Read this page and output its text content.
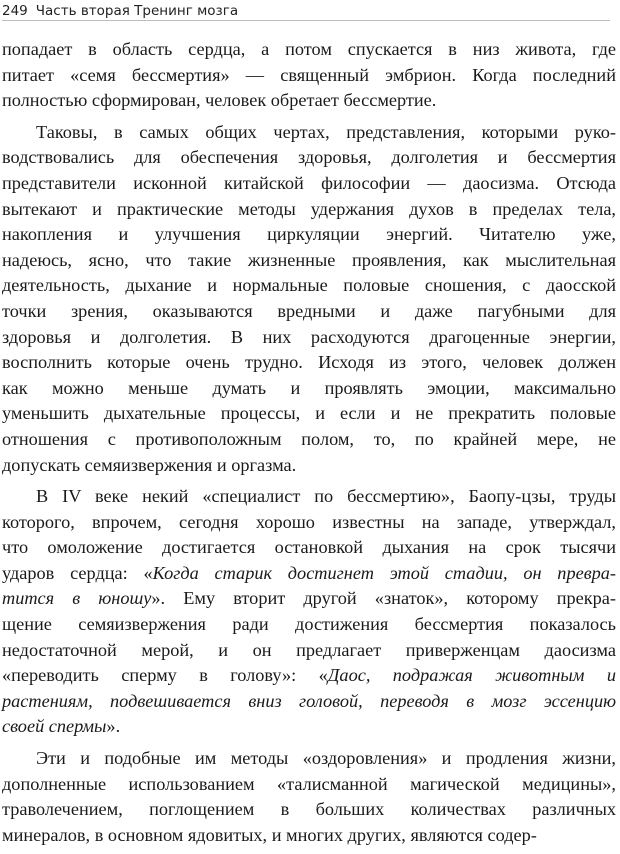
249 Часть вторая Тренинг мозга
попадает в область сердца, а потом спускается в низ живота, где
питает «семя бессмертия» — священный эмбрион. Когда последний
полностью сформирован, человек обретает бессмертие.
Таковы, в самых общих чертах, представления, которыми руко-
водствовались для обеспечения здоровья, долголетия и бессмертия
представители исконной китайской философии — даосизма. Отсюда
вытекают и практические методы удержания духов в пределах тела,
накопления и улучшения циркуляции энергий. Читателю уже,
надеюсь, ясно, что такие жизненные проявления, как мыслительная
деятельность, дыхание и нормальные половые сношения, с даосской
точки зрения, оказываются вредными и даже пагубными для
здоровья и долголетия. В них расходуются драгоценные энергии,
восполнить которые очень трудно. Исходя из этого, человек должен
как можно меньше думать и проявлять эмоции, максимально
уменьшить дыхательные процессы, и если и не прекратить половые
отношения с противоположным полом, то, по крайней мере, не
допускать семяизвержения и оргазма.
В IV веке некий «специалист по бессмертию», Баопу-цзы, труды
которого, впрочем, сегодня хорошо известны на западе, утверждал,
что омоложение достигается остановкой дыхания на срок тысячи
ударов сердца: «Когда старик достигнет этой стадии, он превра-
тится в юношу». Ему вторит другой «знаток», которому прекра-
щение семяизвержения ради достижения бессмертия показалось
недостаточной мерой, и он предлагает приверженцам даосизма
«переводить сперму в голову»: «Даос, подражая животным и
растениям, подвешивается вниз головой, переводя в мозг эссенцию
своей спермы».
Эти и подобные им методы «оздоровления» и продления жизни,
дополненные использованием «талисманной магической медицины»,
траволечением, поглощением в больших количествах различных
минералов, в основном ядовитых, и многих других, являются содер-
